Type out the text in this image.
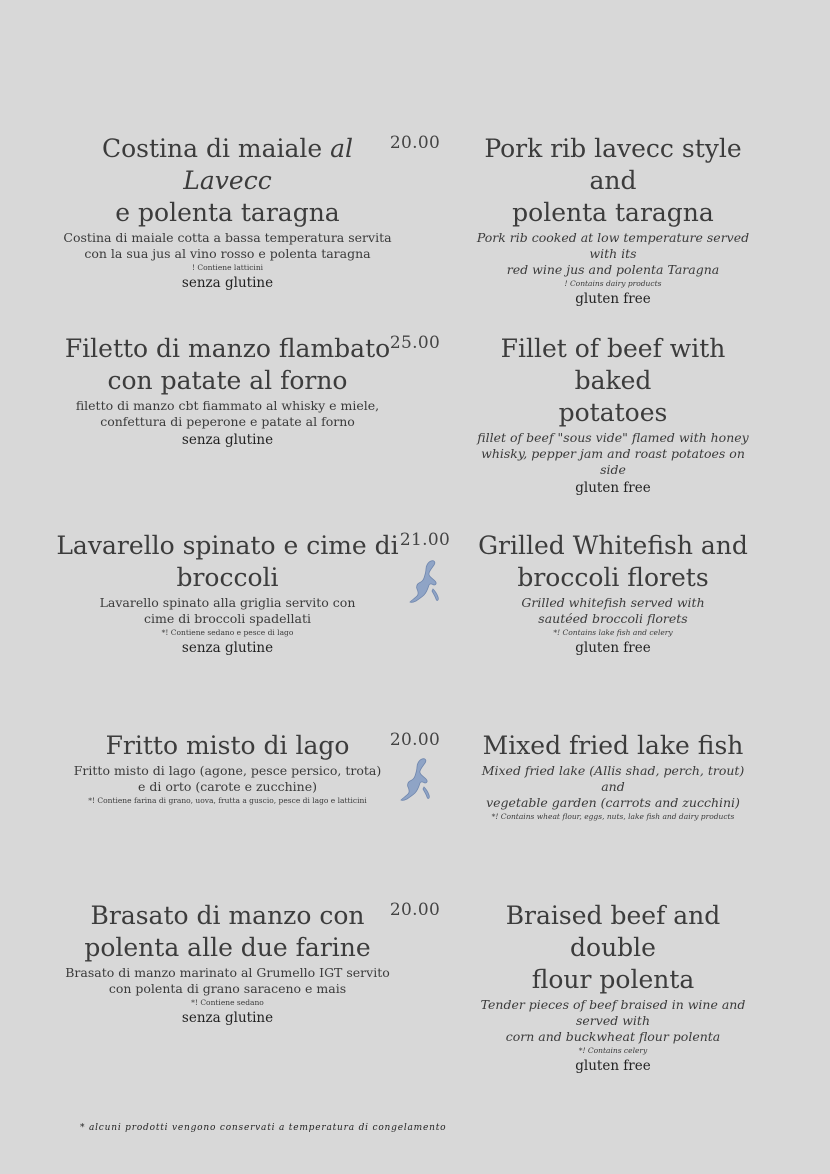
Costina di maiale al Lavecc

e polenta taragna

Costina di maiale cotta a bassa temperatura servita
con la sua jus al vino rosso e polenta taragna
! Contiene latticini
senza glutine
20.00	Pork rib lavecc style and

polenta taragna

Pork rib cooked at low temperature served with its
red wine jus and polenta Taragna
! Contains dairy products
gluten free

Filetto di manzo flambato

con patate al forno

filetto di manzo cbt fiammato al whisky e miele,
confettura di peperone e patate al forno
senza glutine
25.00	Fillet of beef with baked

potatoes

fillet of beef "sous vide" flamed with honey
whisky, pepper jam and roast potatoes on side
gluten free

Lavarello spinato e cime di

broccoli

Lavarello spinato alla griglia servito con
cime di broccoli spadellati
*! Contiene sedano e pesce di lago
senza glutine
21.00	Grilled Whitefish and

broccoli florets

Grilled whitefish served with
sautéed broccoli florets
*! Contains lake fish and celery
gluten free

Fritto misto di lago

Fritto misto di lago (agone, pesce persico, trota)
e di orto (carote e zucchine)
*! Contiene farina di grano, uova, frutta a guscio, pesce di lago e latticini
20.00	Mixed fried lake fish

Mixed fried lake (Allis shad, perch, trout) and
vegetable garden (carrots and zucchini)
*! Contains wheat flour, eggs, nuts, lake fish and dairy products

Brasato di manzo con

polenta alle due farine

Brasato di manzo marinato al Grumello IGT servito
con polenta di grano saraceno e mais
*! Contiene sedano
senza glutine
20.00	Braised beef and double

flour polenta

Tender pieces of beef braised in wine and served with
corn and buckwheat flour polenta
*! Contains celery
gluten free
* alcuni prodotti vengono conservati a temperatura di congelamento
